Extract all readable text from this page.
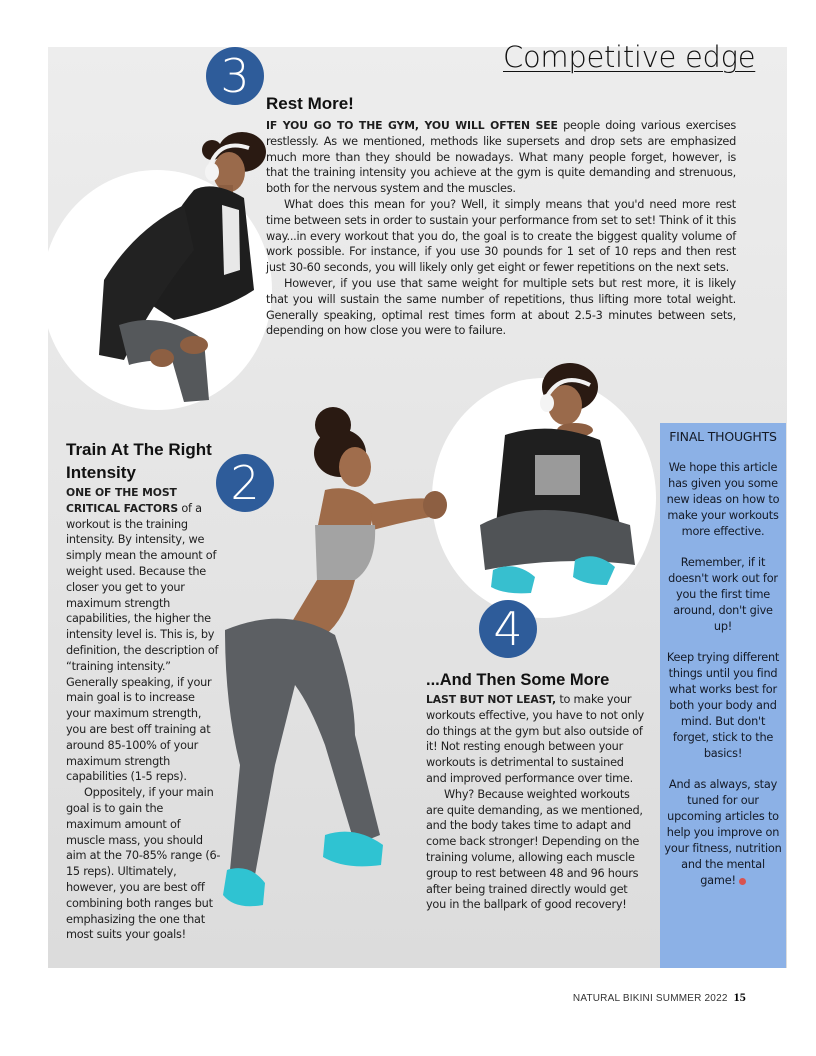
Competitive edge
3
Rest More!

IF YOU GO TO THE GYM, YOU WILL OFTEN SEE people doing various exercises restlessly. As we mentioned, methods like supersets and drop sets are emphasized much more than they should be nowadays. What many people forget, however, is that the training intensity you achieve at the gym is quite demanding and strenuous, both for the nervous system and the muscles.

What does this mean for you? Well, it simply means that you'd need more rest time between sets in order to sustain your performance from set to set! Think of it this way...in every workout that you do, the goal is to create the biggest quality volume of work possible. For instance, if you use 30 pounds for 1 set of 10 reps and then rest just 30-60 seconds, you will likely only get eight or fewer repetitions on the next sets.

However, if you use that same weight for multiple sets but rest more, it is likely that you will sustain the same number of repetitions, thus lifting more total weight. Generally speaking, optimal rest times form at about 2.5-3 minutes between sets, depending on how close you were to failure.

2
4
Train At The Right Intensity

ONE OF THE MOST CRITICAL FACTORS of a workout is the training intensity. By intensity, we simply mean the amount of weight used. Because the closer you get to your maximum strength capabilities, the higher the intensity level is. This is, by definition, the description of “training intensity.” Generally speaking, if your main goal is to increase your maximum strength, you are best off training at around 85-100% of your maximum strength capabilities (1-5 reps).

Oppositely, if your main goal is to gain the maximum amount of muscle mass, you should aim at the 70-85% range (6-15 reps). Ultimately, however, you are best off combining both ranges but emphasizing the one that most suits your goals!

...And Then Some More

LAST BUT NOT LEAST, to make your workouts effective, you have to not only do things at the gym but also outside of it! Not resting enough between your workouts is detrimental to sustained and improved performance over time.

Why? Because weighted workouts are quite demanding, as we mentioned, and the body takes time to adapt and come back stronger! Depending on the training volume, allowing each muscle group to rest between 48 and 96 hours after being trained directly would get you in the ballpark of good recovery!

FINAL THOUGHTS

We hope this article has given you some new ideas on how to make your workouts more effective.

Remember, if it doesn't work out for you the first time around, don't give up!

Keep trying different things until you find what works best for both your body and mind. But don't forget, stick to the basics!

And as always, stay tuned for our upcoming articles to help you improve on your fitness, nutrition and the mental game!

NATURAL BIKINI SUMMER 2022 15
